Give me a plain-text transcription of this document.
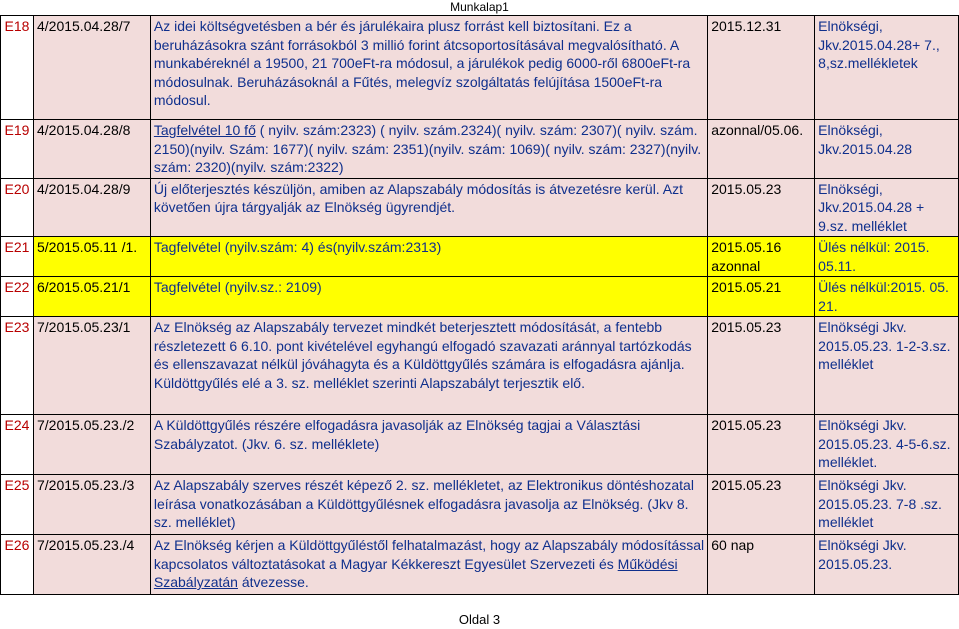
Munkalap1
E18	4/2015.04.28/7	Az idei költségvetésben a bér és járulékaira plusz forrást kell biztosítani. Ez a beruházásokra szánt forrásokból 3 millió forint átcsoportosításával megvalósítható. A munkabéreknél a 19500, 21 700eFt-ra módosul, a járulékok pedig 6000-ről 6800eFt-ra módosulnak. Beruházásoknál a Fűtés, melegvíz szolgáltatás felújítása 1500eFt-ra módosul.	2015.12.31	Elnökségi, Jkv.2015.04.28+ 7., 8,sz.mellékletek
E19	4/2015.04.28/8	Tagfelvétel 10 fő ( nyilv. szám:2323) ( nyilv. szám.2324)( nyilv. szám: 2307)( nyilv. szám. 2150)(nyilv. Szám: 1677)( nyilv. szám: 2351)(nyilv. szám: 1069)( nyilv. szám: 2327)(nyilv. szám: 2320)(nyilv. szám:2322)	azonnal/05.06.	Elnökségi, Jkv.2015.04.28
E20	4/2015.04.28/9	Új előterjesztés készüljön, amiben az Alapszabály módosítás is átvezetésre kerül. Azt követően újra tárgyalják az Elnökség ügyrendjét.	2015.05.23	Elnökségi, Jkv.2015.04.28 + 9.sz. melléklet
E21	5/2015.05.11 /1.	Tagfelvétel (nyilv.szám: 4) és(nyilv.szám:2313)	2015.05.16 azonnal	Ülés nélkül: 2015. 05.11.
E22	6/2015.05.21/1	Tagfelvétel (nyilv.sz.: 2109)	2015.05.21	Ülés nélkül:2015. 05. 21.
E23	7/2015.05.23/1	Az Elnökség az Alapszabály tervezet mindkét beterjesztett módosítását, a fentebb részletezett 6 6.10. pont kivételével egyhangú elfogadó szavazati aránnyal tartózkodás és ellenszavazat nélkül jóváhagyta és a Küldöttgyűlés számára is elfogadásra ajánlja. Küldöttgyűlés elé a 3. sz. melléklet szerinti Alapszabályt terjesztik elő.	2015.05.23	Elnökségi Jkv. 2015.05.23. 1-2-3.sz. melléklet
E24	7/2015.05.23./2	A Küldöttgyűlés részére elfogadásra javasolják az Elnökség tagjai a Választási Szabályzatot. (Jkv. 6. sz. melléklete)	2015.05.23	Elnökségi Jkv. 2015.05.23. 4-5-6.sz. melléklet.
E25	7/2015.05.23./3	Az Alapszabály szerves részét képező 2. sz. mellékletet, az Elektronikus döntéshozatal leírása vonatkozásában a Küldöttgyűlésnek elfogadásra javasolja az Elnökség. (Jkv 8. sz. melléklet)	2015.05.23	Elnökségi Jkv. 2015.05.23. 7-8 .sz. melléklet
E26	7/2015.05.23./4	Az Elnökség kérjen a Küldöttgyűléstől felhatalmazást, hogy az Alapszabály módosítással kapcsolatos változtatásokat a Magyar Kékkereszt Egyesület Szervezeti és Működési Szabályzatán átvezesse.	60 nap	Elnökségi Jkv. 2015.05.23.
Oldal 3
